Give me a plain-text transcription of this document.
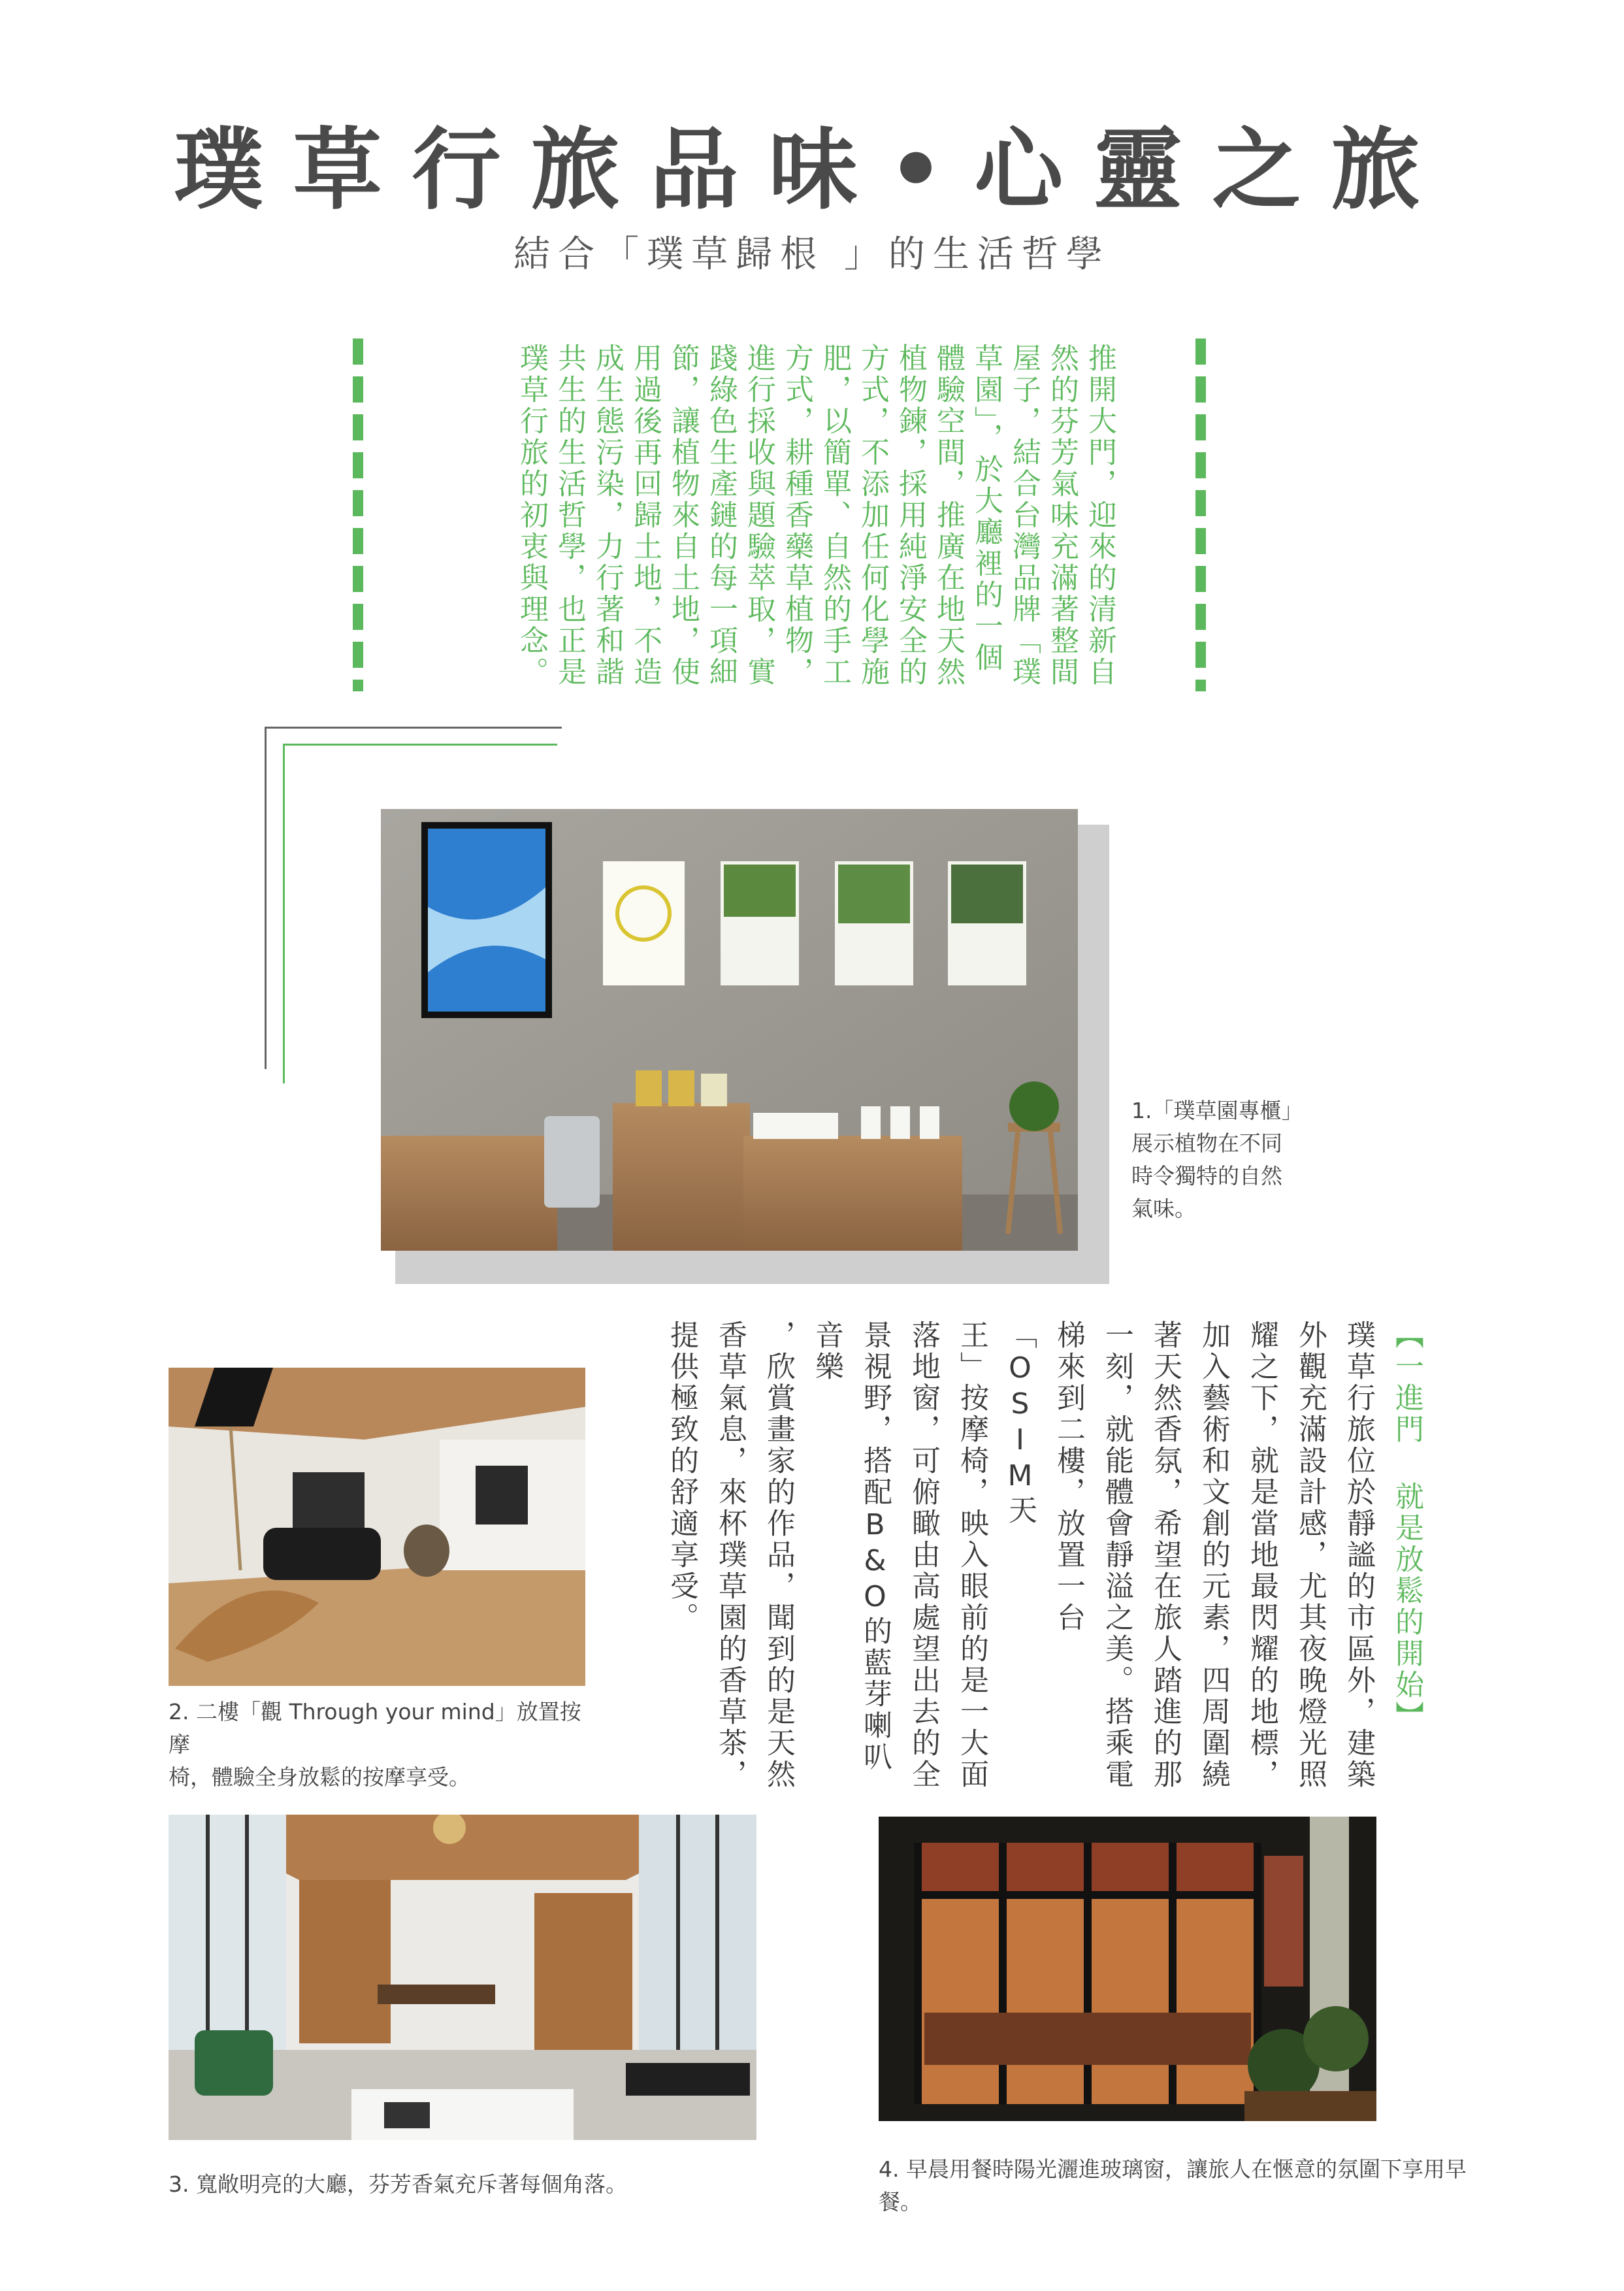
璞草行旅品味•心靈之旅
結合「璞草歸根 」的生活哲學
推開大門，迎來的清新自
然的芬芳氣味充滿著整間
屋子，結合台灣品牌「璞
草園」，於大廳裡的一個
體驗空間，推廣在地天然
植物鍊，採用純淨安全的
方式，不添加任何化學施
肥，以簡單、自然的手工
方式，耕種香藥草植物，
進行採收與題驗萃取，實
踐綠色生產鏈的每一項細
節，讓植物來自土地，使
用過後再回歸土地，不造
成生態污染，力行著和諧
共生的生活哲學，也正是
璞草行旅的初衷與理念。

1.「璞草園專櫃」
展示植物在不同
時令獨特的自然
氣味。
【一進門 就是放鬆的開始】
璞草行旅位於靜謐的市區外，建築
外觀充滿設計感，尤其夜晚燈光照
耀之下，就是當地最閃耀的地標，
加入藝術和文創的元素，四周圍繞
著天然香氛，希望在旅人踏進的那
一刻，就能體會靜溢之美。搭乘電
梯來到二樓，放置一台「OSIM天
王」按摩椅，映入眼前的是一大面
落地窗，可俯瞰由高處望出去的全
景視野，搭配B&O的藍芽喇叭音樂
，欣賞畫家的作品，聞到的是天然
香草氣息，來杯璞草園的香草茶，
提供極致的舒適享受。

2. 二樓「觀 Through your mind」放置按摩
椅，體驗全身放鬆的按摩享受。
3. 寬敞明亮的大廳，芬芳香氣充斥著每個角落。
4. 早晨用餐時陽光灑進玻璃窗，讓旅人在愜意的氛圍下享用早餐。
